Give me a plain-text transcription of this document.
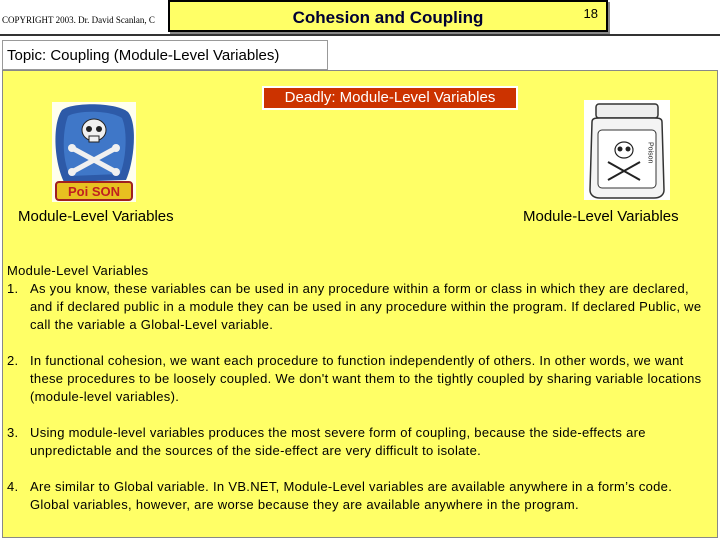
COPYRIGHT 2003. Dr. David Scanlan, C	Cohesion and Coupling	18
Topic: Coupling (Module-Level Variables)
Deadly: Module-Level Variables
Poi SON
Poison
Module-Level Variables	Module-Level Variables

Module-Level Variables

1. As you know, these variables can be used in any procedure within a form or class in which they are declared, and if declared public in a module they can be used in any procedure within the program. If declared Public, we call the variable a Global-Level variable.
2. In functional cohesion, we want each procedure to function independently of others. In other words, we want these procedures to be loosely coupled. We don't want them to the tightly coupled by sharing variable locations (module-level variables).
3. Using module-level variables produces the most severe form of coupling, because the side-effects are unpredictable and the sources of the side-effect are very difficult to isolate.
4. Are similar to Global variable. In VB.NET, Module-Level variables are available anywhere in a form’s code. Global variables, however, are worse because they are available anywhere in the program.
